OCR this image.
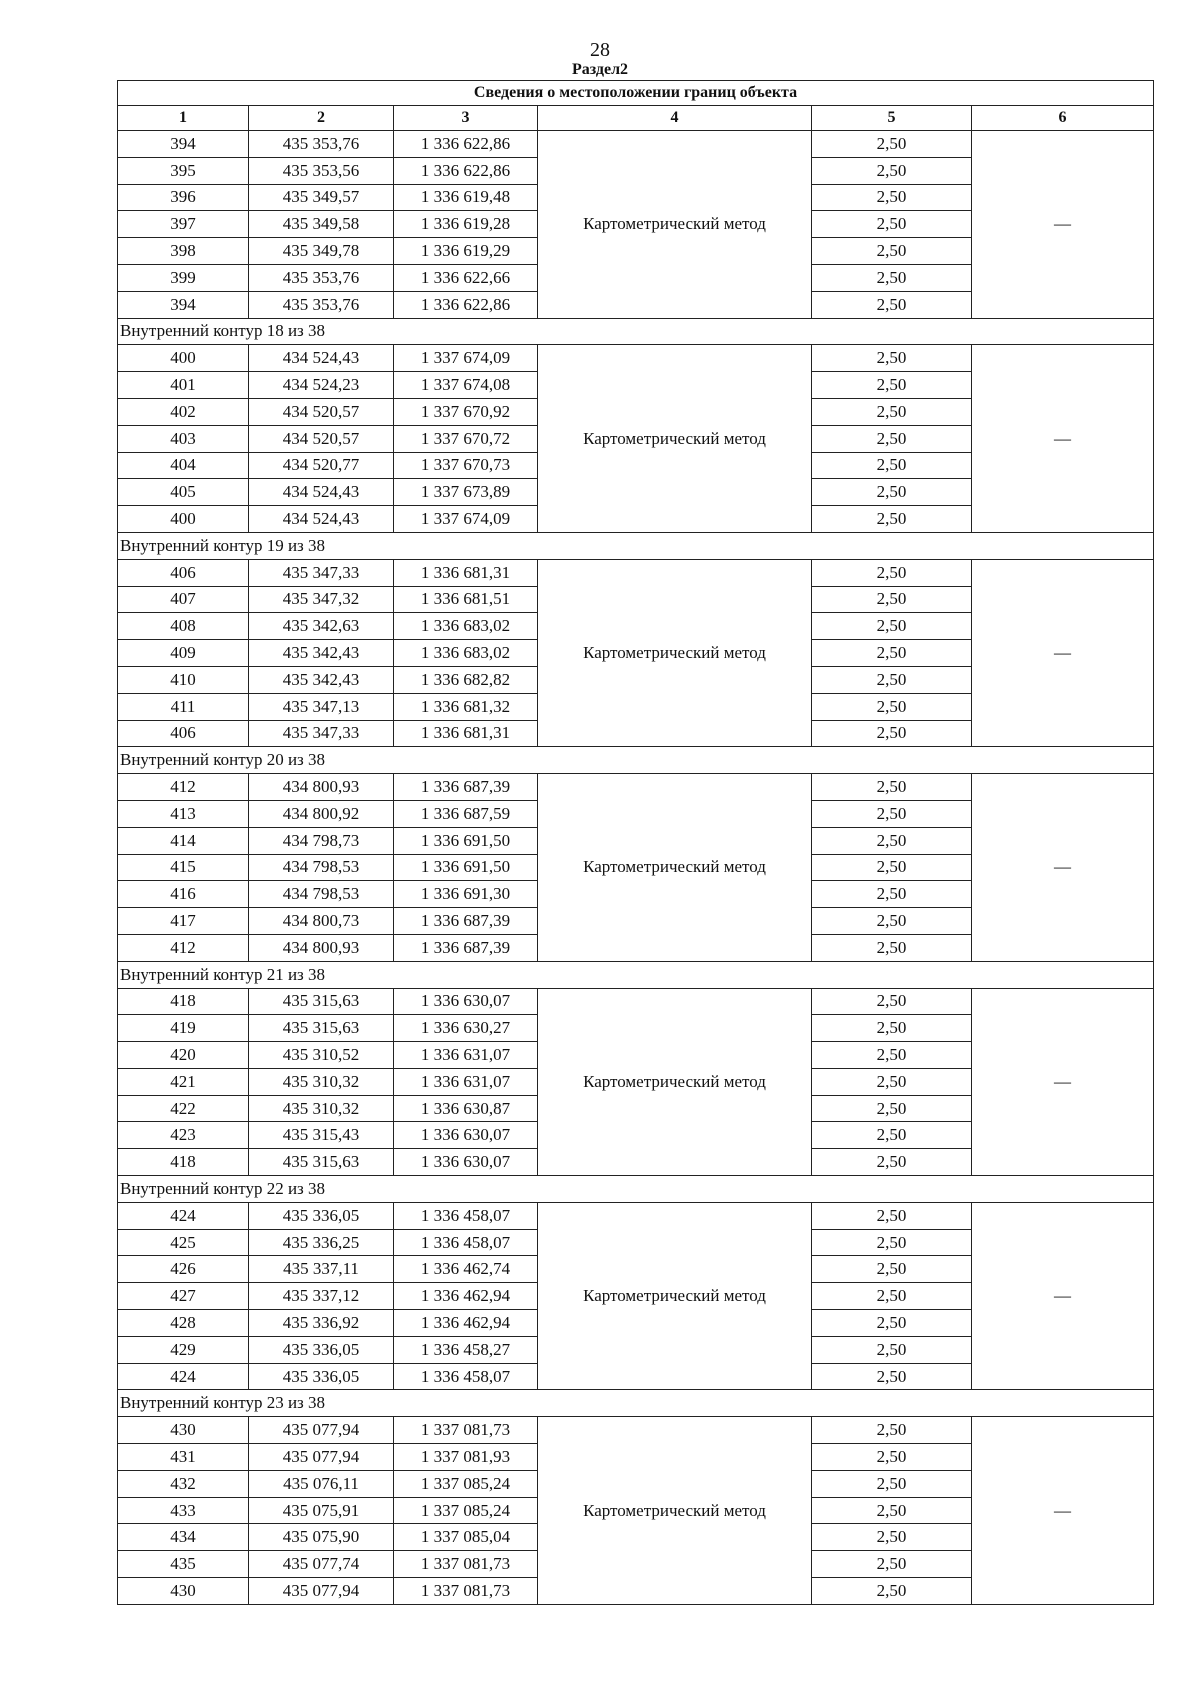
28
Раздел2
Сведения о местоположении границ объекта					
1	2	3	4	5	6
394	435 353,76	1 336 622,86	Картометрический метод	2,50	—
395	435 353,56	1 336 622,86		2,50	
396	435 349,57	1 336 619,48		2,50	
397	435 349,58	1 336 619,28		2,50	
398	435 349,78	1 336 619,29		2,50	
399	435 353,76	1 336 622,66		2,50	
394	435 353,76	1 336 622,86		2,50	
Внутренний контур 18 из 38					
400	434 524,43	1 337 674,09	Картометрический метод	2,50	—
401	434 524,23	1 337 674,08		2,50	
402	434 520,57	1 337 670,92		2,50	
403	434 520,57	1 337 670,72		2,50	
404	434 520,77	1 337 670,73		2,50	
405	434 524,43	1 337 673,89		2,50	
400	434 524,43	1 337 674,09		2,50	
Внутренний контур 19 из 38					
406	435 347,33	1 336 681,31	Картометрический метод	2,50	—
407	435 347,32	1 336 681,51		2,50	
408	435 342,63	1 336 683,02		2,50	
409	435 342,43	1 336 683,02		2,50	
410	435 342,43	1 336 682,82		2,50	
411	435 347,13	1 336 681,32		2,50	
406	435 347,33	1 336 681,31		2,50	
Внутренний контур 20 из 38					
412	434 800,93	1 336 687,39	Картометрический метод	2,50	—
413	434 800,92	1 336 687,59		2,50	
414	434 798,73	1 336 691,50		2,50	
415	434 798,53	1 336 691,50		2,50	
416	434 798,53	1 336 691,30		2,50	
417	434 800,73	1 336 687,39		2,50	
412	434 800,93	1 336 687,39		2,50	
Внутренний контур 21 из 38					
418	435 315,63	1 336 630,07	Картометрический метод	2,50	—
419	435 315,63	1 336 630,27		2,50	
420	435 310,52	1 336 631,07		2,50	
421	435 310,32	1 336 631,07		2,50	
422	435 310,32	1 336 630,87		2,50	
423	435 315,43	1 336 630,07		2,50	
418	435 315,63	1 336 630,07		2,50	
Внутренний контур 22 из 38					
424	435 336,05	1 336 458,07	Картометрический метод	2,50	—
425	435 336,25	1 336 458,07		2,50	
426	435 337,11	1 336 462,74		2,50	
427	435 337,12	1 336 462,94		2,50	
428	435 336,92	1 336 462,94		2,50	
429	435 336,05	1 336 458,27		2,50	
424	435 336,05	1 336 458,07		2,50	
Внутренний контур 23 из 38					
430	435 077,94	1 337 081,73	Картометрический метод	2,50	—
431	435 077,94	1 337 081,93		2,50	
432	435 076,11	1 337 085,24		2,50	
433	435 075,91	1 337 085,24		2,50	
434	435 075,90	1 337 085,04		2,50	
435	435 077,74	1 337 081,73		2,50	
430	435 077,94	1 337 081,73		2,50	
